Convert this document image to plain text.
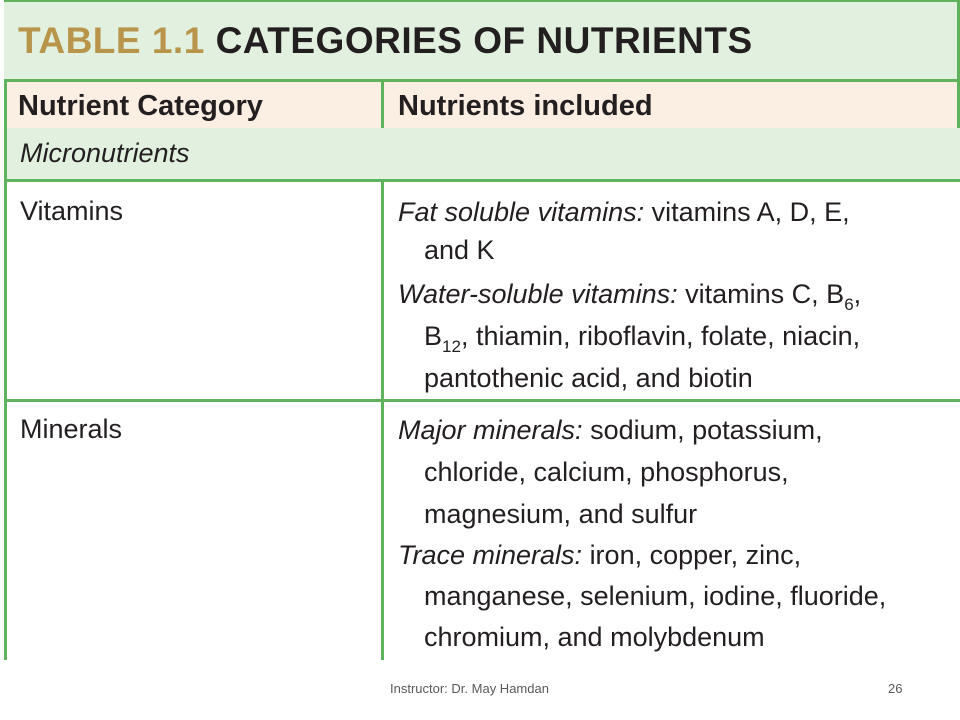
TABLE 1.1 CATEGORIES OF NUTRIENTS
Nutrient Category	Nutrients included
Micronutrients
Vitamins	Fat soluble vitamins: vitamins A, D, E,
and K
Water-soluble vitamins: vitamins C, $B_6$,
$B_{12}$, thiamin, riboflavin, folate, niacin,
pantothenic acid, and biotin
Minerals	Major minerals: sodium, potassium,
chloride, calcium, phosphorus,
magnesium, and sulfur
Trace minerals: iron, copper, zinc,
manganese, selenium, iodine, fluoride,
chromium, and molybdenum
Instructor: Dr. May Hamdan	26
